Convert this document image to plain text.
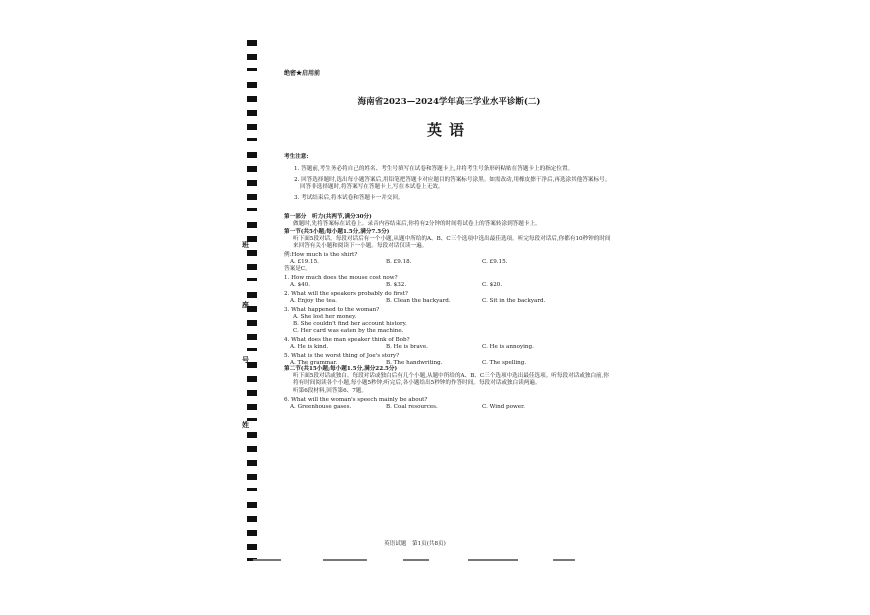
班
座
号
姓
绝密★启用前
海南省2023—2024学年高三学业水平诊断(二)
英语
考生注意:
1. 答题前,考生务必将自己的姓名、考生号填写在试卷和答题卡上,并将考生号条形码粘贴在答题卡上的指定位置。
2. 回答选择题时,选出每小题答案后,用铅笔把答题卡对应题目的答案标号涂黑。如需改动,用橡皮擦干净后,再选涂其他答案标号。回答非选择题时,将答案写在答题卡上,写在本试卷上无效。
3. 考试结束后,将本试卷和答题卡一并交回。
第一部分　听力(共两节,满分30分)
做题时,先将答案标在试卷上。录音内容结束后,你将有2分钟的时间将试卷上的答案转涂到答题卡上。
第一节(共5小题;每小题1.5分,满分7.5分)
听下面5段对话。每段对话后有一个小题,从题中所给的A、B、C三个选项中选出最佳选项。听完每段对话后,你都有10秒钟的时间来回答有关小题和阅读下一小题。每段对话仅读一遍。
例:How much is the shirt?
A. £19.15.	B. £9.18.	C. £9.15.
答案是C。
1. How much does the mouse cost now?
A. $40.	B. $32.	C. $20.
2. What will the speakers probably do first?
A. Enjoy the tea.	B. Clean the backyard.	C. Sit in the backyard.
3. What happened to the woman?
A. She lost her money.
B. She couldn't find her account history.
C. Her card was eaten by the machine.
4. What does the man speaker think of Bob?
A. He is kind.	B. He is brave.	C. He is annoying.
5. What is the worst thing of Joe's story?
A. The grammar.	B. The handwriting.	C. The spelling.
第二节(共15小题;每小题1.5分,满分22.5分)
听下面5段对话或独白。每段对话或独白后有几个小题,从题中所给的A、B、C三个选项中选出最佳选项。听每段对话或独白前,你将有时间阅读各个小题,每小题5秒钟;听完后,各小题给出5秒钟的作答时间。每段对话或独白读两遍。
听第6段材料,回答第6、7题。
6. What will the woman's speech mainly be about?
A. Greenhouse gases.	B. Coal resources.	C. Wind power.
英语试题　第1页(共8页)
